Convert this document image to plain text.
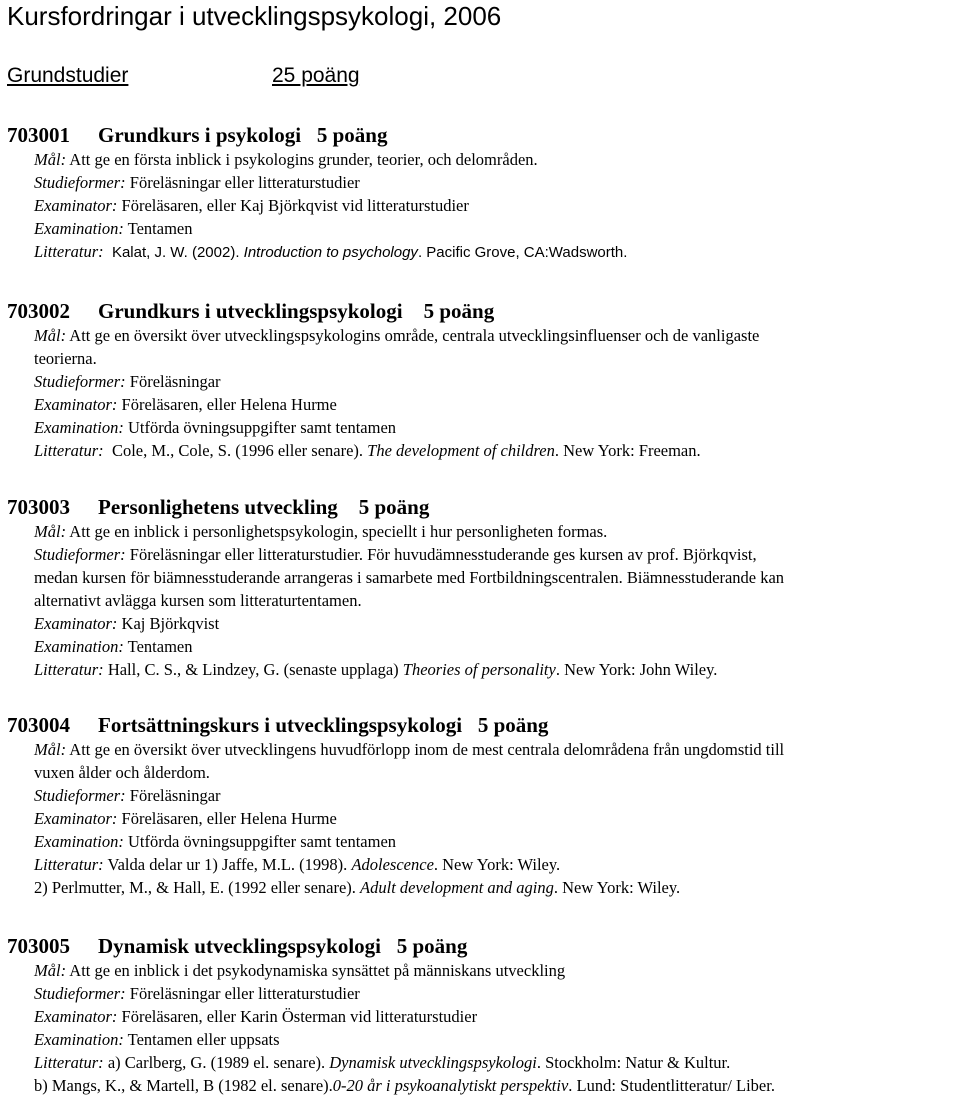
Kursfordringar i utvecklingspsykologi, 2006
Grundstudier	25 poäng
703001 Grundkurs i psykologi 5 poäng
Mål: Att ge en första inblick i psykologins grunder, teorier, och delområden.
Studieformer: Föreläsningar eller litteraturstudier
Examinator: Föreläsaren, eller Kaj Björkqvist vid litteraturstudier
Examination: Tentamen
Litteratur: Kalat, J. W. (2002). Introduction to psychology. Pacific Grove, CA:Wadsworth.
703002 Grundkurs i utvecklingspsykologi 5 poäng
Mål: Att ge en översikt över utvecklingspsykologins område, centrala utvecklingsinfluenser och de vanligaste
teorierna.
Studieformer: Föreläsningar
Examinator: Föreläsaren, eller Helena Hurme
Examination: Utförda övningsuppgifter samt tentamen
Litteratur: Cole, M., Cole, S. (1996 eller senare). The development of children. New York: Freeman.
703003 Personlighetens utveckling 5 poäng
Mål: Att ge en inblick i personlighetspsykologin, speciellt i hur personligheten formas.
Studieformer: Föreläsningar eller litteraturstudier. För huvudämnesstuderande ges kursen av prof. Björkqvist,
medan kursen för biämnesstuderande arrangeras i samarbete med Fortbildningscentralen. Biämnesstuderande kan
alternativt avlägga kursen som litteraturtentamen.
Examinator: Kaj Björkqvist
Examination: Tentamen
Litteratur: Hall, C. S., & Lindzey, G. (senaste upplaga) Theories of personality. New York: John Wiley.
703004 Fortsättningskurs i utvecklingspsykologi 5 poäng
Mål: Att ge en översikt över utvecklingens huvudförlopp inom de mest centrala delområdena från ungdomstid till
vuxen ålder och ålderdom.
Studieformer: Föreläsningar
Examinator: Föreläsaren, eller Helena Hurme
Examination: Utförda övningsuppgifter samt tentamen
Litteratur: Valda delar ur 1) Jaffe, M.L. (1998). Adolescence. New York: Wiley.
2) Perlmutter, M., & Hall, E. (1992 eller senare). Adult development and aging. New York: Wiley.
703005 Dynamisk utvecklingspsykologi 5 poäng
Mål: Att ge en inblick i det psykodynamiska synsättet på människans utveckling
Studieformer: Föreläsningar eller litteraturstudier
Examinator: Föreläsaren, eller Karin Österman vid litteraturstudier
Examination: Tentamen eller uppsats
Litteratur: a) Carlberg, G. (1989 el. senare). Dynamisk utvecklingspsykologi. Stockholm: Natur & Kultur.
b) Mangs, K., & Martell, B (1982 el. senare).0-20 år i psykoanalytiskt perspektiv. Lund: Studentlitteratur/ Liber.
